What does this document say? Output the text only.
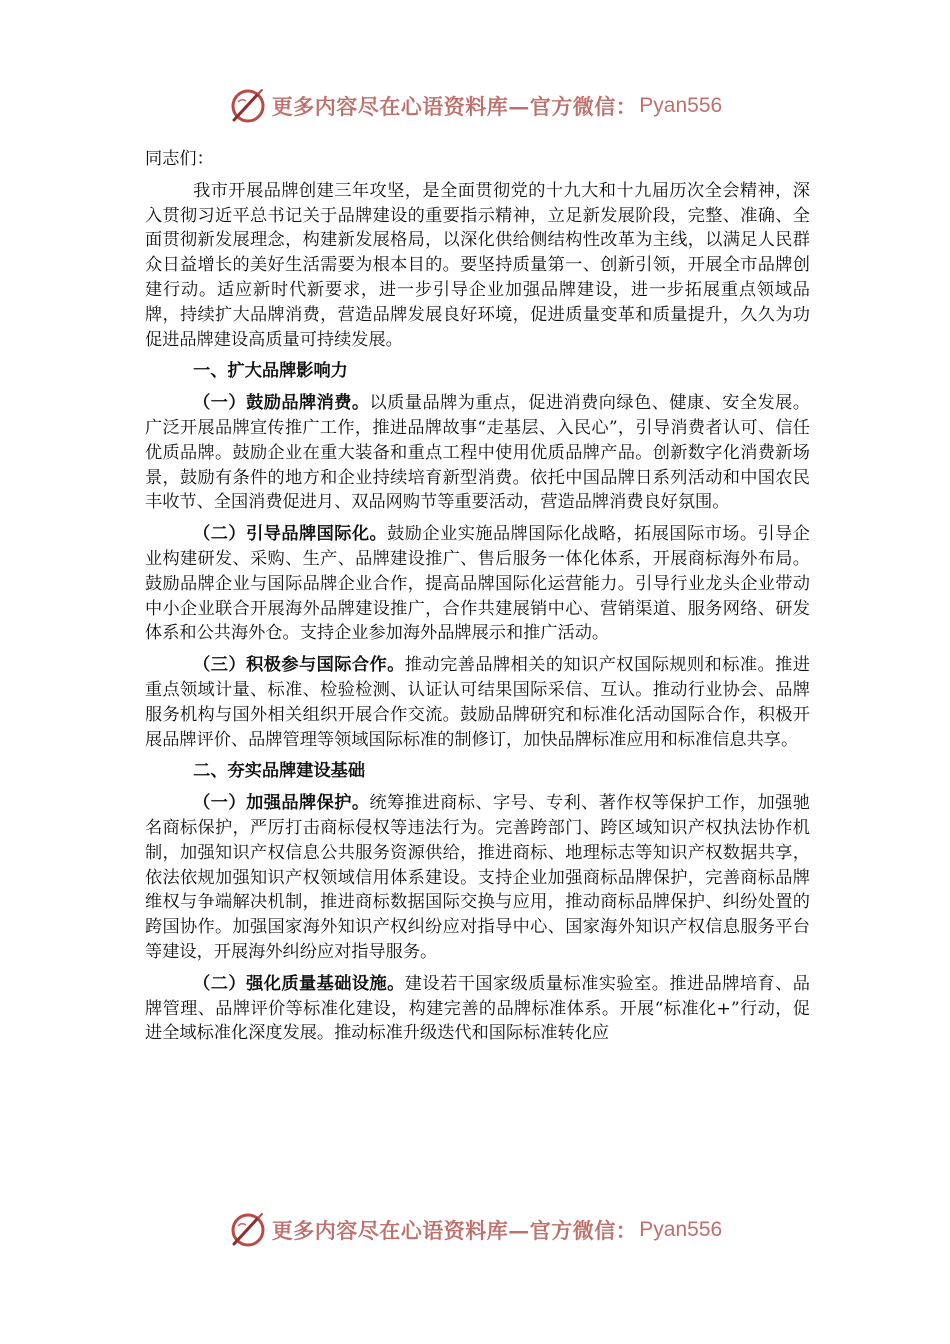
更多内容尽在心语资料库—官方微信： Pyan556

同志们：

我市开展品牌创建三年攻坚，是全面贯彻党的十九大和十九届历次全会精神，深入贯彻习近平总书记关于品牌建设的重要指示精神，立足新发展阶段，完整、准确、全面贯彻新发展理念，构建新发展格局，以深化供给侧结构性改革为主线，以满足人民群众日益增长的美好生活需要为根本目的。要坚持质量第一、创新引领，开展全市品牌创建行动。适应新时代新要求，进一步引导企业加强品牌建设，进一步拓展重点领域品牌，持续扩大品牌消费，营造品牌发展良好环境，促进质量变革和质量提升，久久为功促进品牌建设高质量可持续发展。

一、扩大品牌影响力

（一）鼓励品牌消费。以质量品牌为重点，促进消费向绿色、健康、安全发展。广泛开展品牌宣传推广工作，推进品牌故事“走基层、入民心”，引导消费者认可、信任优质品牌。鼓励企业在重大装备和重点工程中使用优质品牌产品。创新数字化消费新场景，鼓励有条件的地方和企业持续培育新型消费。依托中国品牌日系列活动和中国农民丰收节、全国消费促进月、双品网购节等重要活动，营造品牌消费良好氛围。

（二）引导品牌国际化。鼓励企业实施品牌国际化战略，拓展国际市场。引导企业构建研发、采购、生产、品牌建设推广、售后服务一体化体系，开展商标海外布局。鼓励品牌企业与国际品牌企业合作，提高品牌国际化运营能力。引导行业龙头企业带动中小企业联合开展海外品牌建设推广，合作共建展销中心、营销渠道、服务网络、研发体系和公共海外仓。支持企业参加海外品牌展示和推广活动。

（三）积极参与国际合作。推动完善品牌相关的知识产权国际规则和标准。推进重点领域计量、标准、检验检测、认证认可结果国际采信、互认。推动行业协会、品牌服务机构与国外相关组织开展合作交流。鼓励品牌研究和标准化活动国际合作，积极开展品牌评价、品牌管理等领域国际标准的制修订，加快品牌标准应用和标准信息共享。

二、夯实品牌建设基础

（一）加强品牌保护。统筹推进商标、字号、专利、著作权等保护工作，加强驰名商标保护，严厉打击商标侵权等违法行为。完善跨部门、跨区域知识产权执法协作机制，加强知识产权信息公共服务资源供给，推进商标、地理标志等知识产权数据共享，依法依规加强知识产权领域信用体系建设。支持企业加强商标品牌保护，完善商标品牌维权与争端解决机制，推进商标数据国际交换与应用，推动商标品牌保护、纠纷处置的跨国协作。加强国家海外知识产权纠纷应对指导中心、国家海外知识产权信息服务平台等建设，开展海外纠纷应对指导服务。

（二）强化质量基础设施。建设若干国家级质量标准实验室。推进品牌培育、品牌管理、品牌评价等标准化建设，构建完善的品牌标准体系。开展“标准化+”行动，促进全域标准化深度发展。推动标准升级迭代和国际标准转化应

更多内容尽在心语资料库—官方微信： Pyan556
